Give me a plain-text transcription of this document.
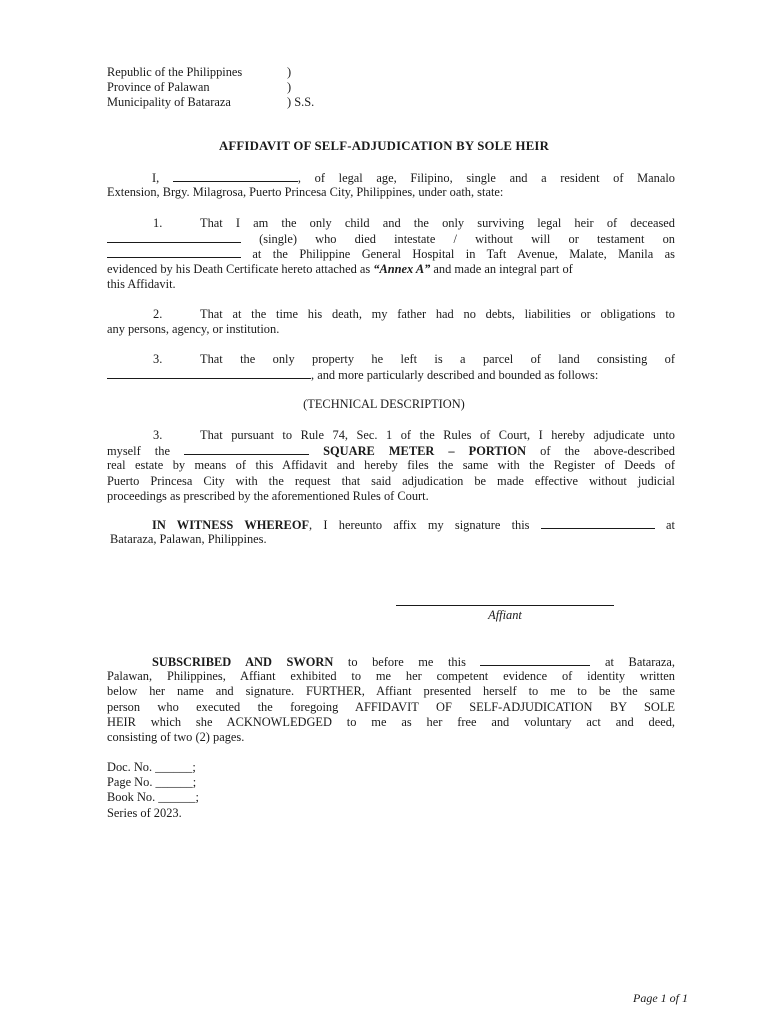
Republic of the Philippines	)
Province of Palawan	)
Municipality of Bataraza	) S.S.
AFFIDAVIT OF SELF-ADJUDICATION BY SOLE HEIR
I,	, of legal age, Filipino, single and a resident of Manalo
Extension, Brgy. Milagrosa, Puerto Princesa City, Philippines, under oath, state:
1.	That I am the only child and the only surviving legal heir of deceased
(single) who died intestate / without will or testament on
at the Philippine General Hospital in Taft Avenue, Malate, Manila as
evidenced by his Death Certificate hereto attached as “Annex A” and made an integral part of
this Affidavit.
2.	That at the time his death, my father had no debts, liabilities or obligations to
any persons, agency, or institution.
3.	That the only property he left is a parcel of land consisting of
, and more particularly described and bounded as follows:
(TECHNICAL DESCRIPTION)
3.	That pursuant to Rule 74, Sec. 1 of the Rules of Court, I hereby adjudicate unto
myself the	SQUARE METER – PORTION of the above-described
real estate by means of this Affidavit and hereby files the same with the Register of Deeds of
Puerto Princesa City with the request that said adjudication be made effective without judicial
proceedings as prescribed by the aforementioned Rules of Court.
IN WITNESS WHEREOF, I hereunto affix my signature this	at
Bataraza, Palawan, Philippines.
Affiant
SUBSCRIBED AND SWORN to before me this	at Bataraza,
Palawan, Philippines, Affiant exhibited to me her competent evidence of identity written
below her name and signature. FURTHER, Affiant presented herself to me to be the same
person who executed the foregoing AFFIDAVIT OF SELF-ADJUDICATION BY SOLE
HEIR which she ACKNOWLEDGED to me as her free and voluntary act and deed,
consisting of two (2) pages.
Doc. No. ______;
Page No. ______;
Book No. ______;
Series of 2023.
Page 1 of 1
